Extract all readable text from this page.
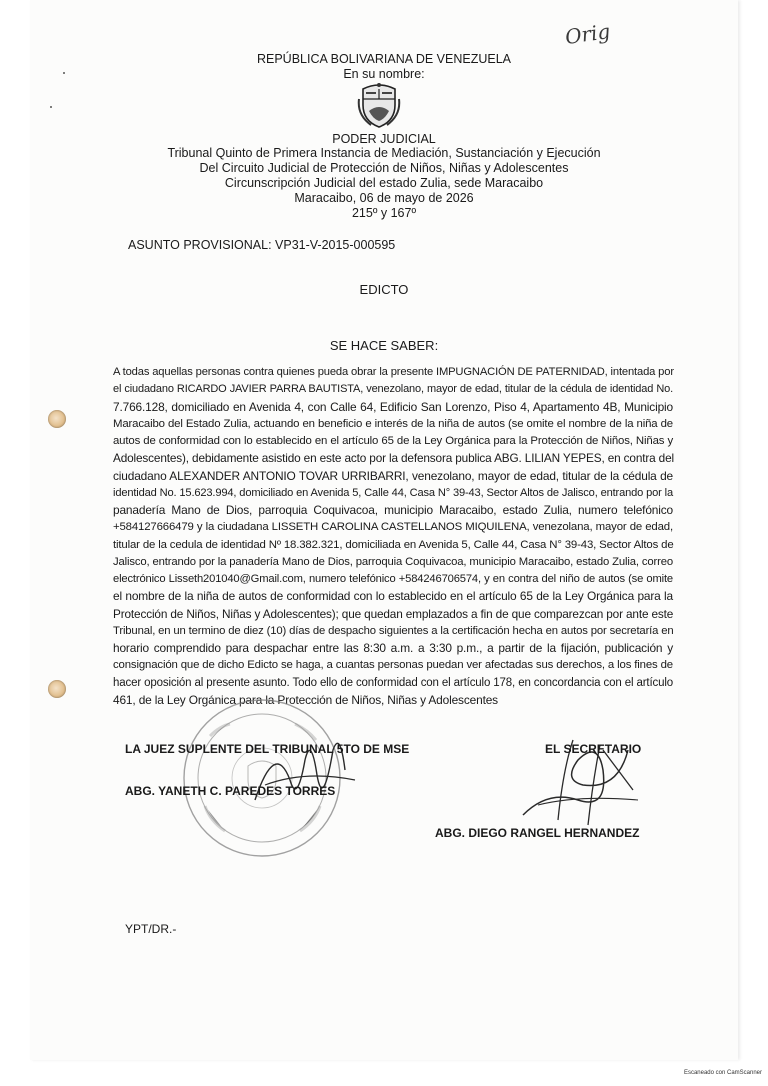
Orig
REPÚBLICA BOLIVARIANA DE VENEZUELA
En su nombre:
PODER JUDICIAL
Tribunal Quinto de Primera Instancia de Mediación, Sustanciación y Ejecución
Del Circuito Judicial de Protección de Niños, Niñas y Adolescentes
Circunscripción Judicial del estado Zulia, sede Maracaibo
Maracaibo, 06 de mayo de 2026
215º y 167º
ASUNTO PROVISIONAL: VP31-V-2015-000595
EDICTO
SE HACE SABER:
A todas aquellas personas contra quienes pueda obrar la presente IMPUGNACIÓN DE PATERNIDAD, intentada por
el ciudadano RICARDO JAVIER PARRA BAUTISTA, venezolano, mayor de edad, titular de la cédula de identidad No.
7.766.128, domiciliado en Avenida 4, con Calle 64, Edificio San Lorenzo, Piso 4, Apartamento 4B, Municipio
Maracaibo del Estado Zulia, actuando en beneficio e interés de la niña de autos (se omite el nombre de la niña de
autos de conformidad con lo establecido en el artículo 65 de la Ley Orgánica para la Protección de Niños, Niñas y
Adolescentes), debidamente asistido en este acto por la defensora publica ABG. LILIAN YEPES, en contra del
ciudadano ALEXANDER ANTONIO TOVAR URRIBARRI, venezolano, mayor de edad, titular de la cédula de
identidad No. 15.623.994, domiciliado en Avenida 5, Calle 44, Casa N° 39-43, Sector Altos de Jalisco, entrando por la
panadería Mano de Dios, parroquia Coquivacoa, municipio Maracaibo, estado Zulia, numero telefónico
+584127666479 y la ciudadana LISSETH CAROLINA CASTELLANOS MIQUILENA, venezolana, mayor de edad,
titular de la cedula de identidad Nº 18.382.321, domiciliada en Avenida 5, Calle 44, Casa N° 39-43, Sector Altos de
Jalisco, entrando por la panadería Mano de Dios, parroquia Coquivacoa, municipio Maracaibo, estado Zulia, correo
electrónico Lisseth201040@Gmail.com, numero telefónico +584246706574, y en contra del niño de autos (se omite
el nombre de la niña de autos de conformidad con lo establecido en el artículo 65 de la Ley Orgánica para la
Protección de Niños, Niñas y Adolescentes); que quedan emplazados a fin de que comparezcan por ante este
Tribunal, en un termino de diez (10) días de despacho siguientes a la certificación hecha en autos por secretaría en
horario comprendido para despachar entre las 8:30 a.m. a 3:30 p.m., a partir de la fijación, publicación y
consignación que de dicho Edicto se haga, a cuantas personas puedan ver afectadas sus derechos, a los fines de
hacer oposición al presente asunto. Todo ello de conformidad con el artículo 178, en concordancia con el artículo
461, de la Ley Orgánica para la Protección de Niños, Niñas y Adolescentes
LA JUEZ SUPLENTE DEL TRIBUNAL 5TO DE MSE
ABG. YANETH C. PAREDES TORRES
EL SECRETARIO
ABG. DIEGO RANGEL HERNANDEZ
YPT/DR.-
Escaneado con CamScanner
